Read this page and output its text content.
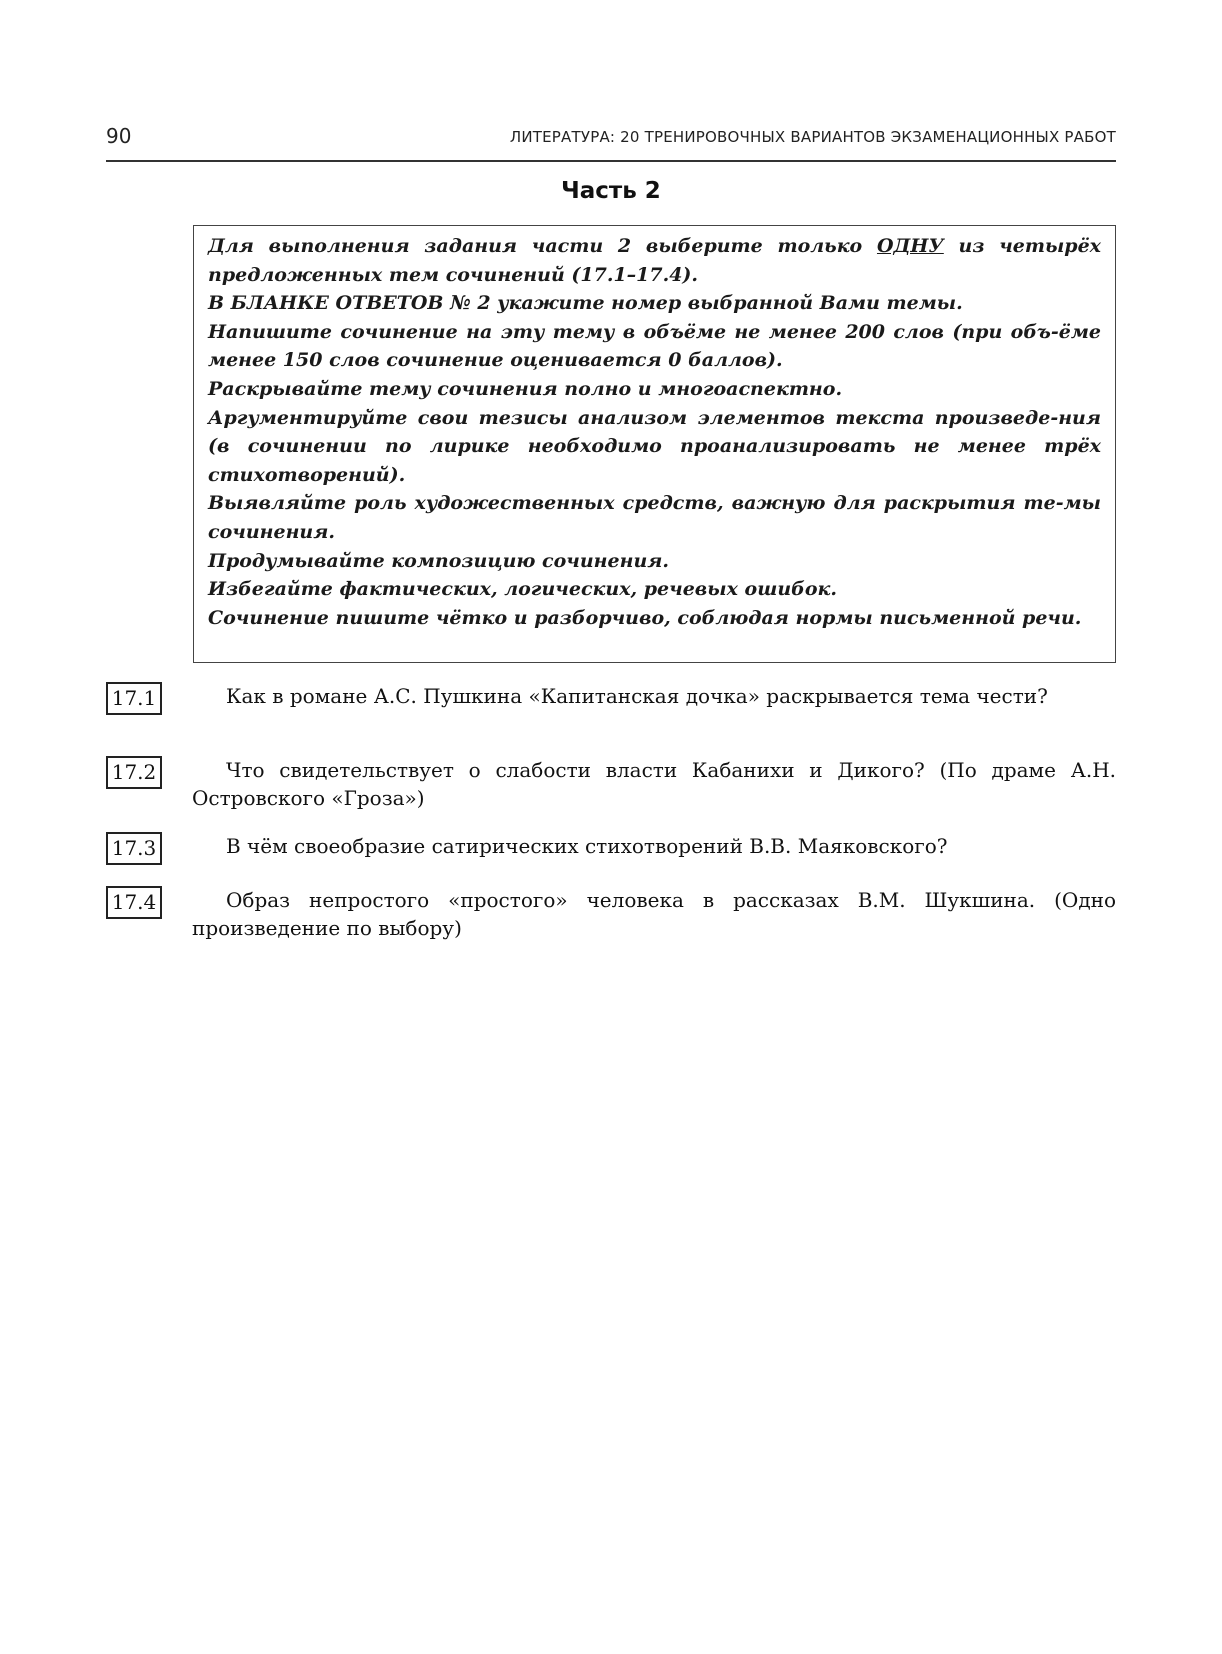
90	ЛИТЕРАТУРА: 20 ТРЕНИРОВОЧНЫХ ВАРИАНТОВ ЭКЗАМЕНАЦИОННЫХ РАБОТ
Часть 2

Для выполнения задания части 2 выберите только ОДНУ из четырёх предложенных тем сочинений (17.1–17.4).

В БЛАНКЕ ОТВЕТОВ № 2 укажите номер выбранной Вами темы.

Напишите сочинение на эту тему в объёме не менее 200 слов (при объ-ёме менее 150 слов сочинение оценивается 0 баллов).

Раскрывайте тему сочинения полно и многоаспектно.

Аргументируйте свои тезисы анализом элементов текста произведе-ния (в сочинении по лирике необходимо проанализировать не менее трёх стихотворений).

Выявляйте роль художественных средств, важную для раскрытия те-мы сочинения.

Продумывайте композицию сочинения.

Избегайте фактических, логических, речевых ошибок.

Сочинение пишите чётко и разборчиво, соблюдая нормы письменной речи.

17.1	Как в романе А.С. Пушкина «Капитанская дочка» раскрывается тема чести?

17.2	Что свидетельствует о слабости власти Кабанихи и Дикого? (По драме А.Н. Островского «Гроза»)

17.3	В чём своеобразие сатирических стихотворений В.В. Маяковского?

17.4	Образ непростого «простого» человека в рассказах В.М. Шукшина. (Одно произведение по выбору)
